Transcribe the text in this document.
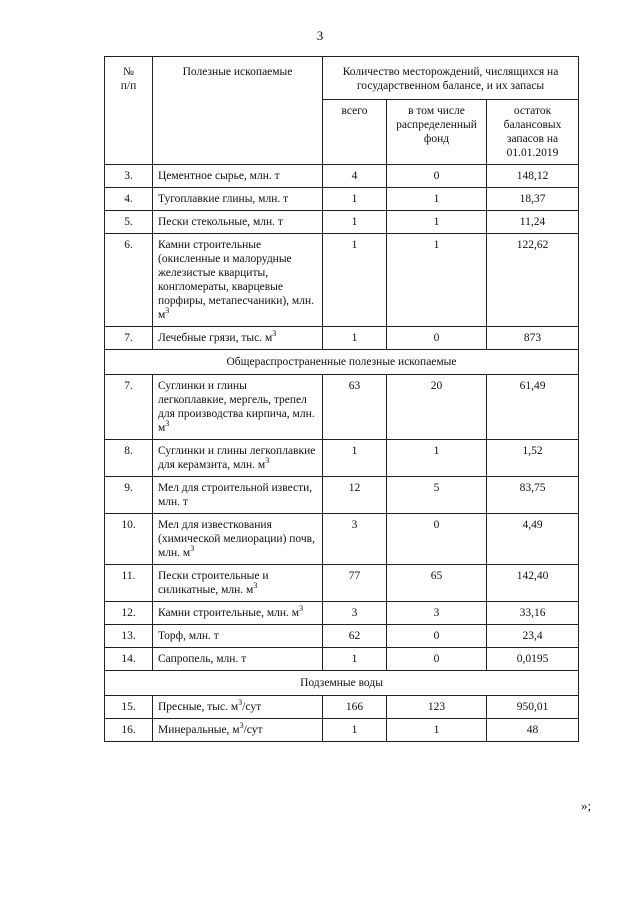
3
№
п/п	Полезные ископаемые	Количество месторождений, числящихся на государственном балансе, и их запасы		
		всего	в том числе распределенный фонд	остаток балансовых запасов на 01.01.2019
3.	Цементное сырье, млн. т	4	0	148,12
4.	Тугоплавкие глины, млн. т	1	1	18,37
5.	Пески стекольные, млн. т	1	1	11,24
6.	Камни строительные (окисленные и малорудные железистые кварциты, конгломераты, кварцевые порфиры, метапесчаники), млн. $м^3$	1	1	122,62
7.	Лечебные грязи, тыс. $м^3$	1	0	873
Общераспространенные полезные ископаемые				
7.	Суглинки и глины легкоплавкие, мергель, трепел для производства кирпича, млн. $м^3$	63	20	61,49
8.	Суглинки и глины легкоплавкие для керамзита, млн. $м^3$	1	1	1,52
9.	Мел для строительной извести, млн. т	12	5	83,75
10.	Мел для известкования (химической мелиорации) почв, млн. $м^3$	3	0	4,49
11.	Пески строительные и силикатные, млн. $м^3$	77	65	142,40
12.	Камни строительные, млн. $м^3$	3	3	33,16
13.	Торф, млн. т	62	0	23,4
14.	Сапропель, млн. т	1	0	0,0195
Подземные воды				
15.	Пресные, тыс. $м^3$/сут	166	123	950,01
16.	Минеральные, $м^3$/сут	1	1	48
»;
